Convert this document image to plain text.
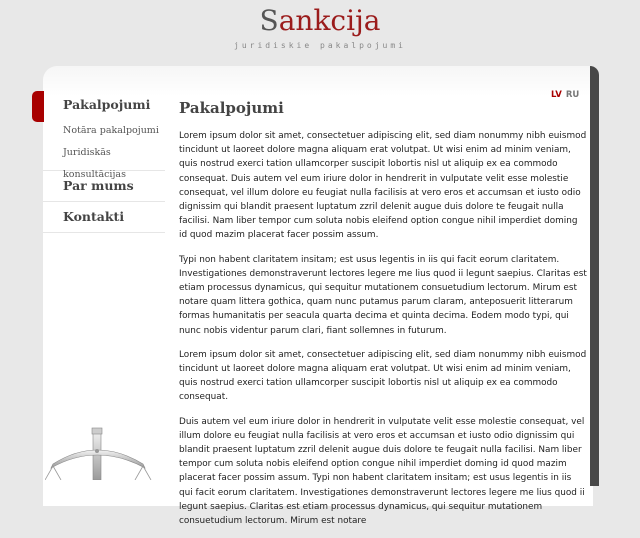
Sankcija
juridiskie pakalpojumi
Pakalpojumi
Notāra pakalpojumi
Juridiskās konsultācijas
Par mums
Kontakti
LV RU
Pakalpojumi

Lorem ipsum dolor sit amet, consectetuer adipiscing elit, sed diam nonummy nibh euismod tincidunt ut laoreet dolore magna aliquam erat volutpat. Ut wisi enim ad minim veniam, quis nostrud exerci tation ullamcorper suscipit lobortis nisl ut aliquip ex ea commodo consequat. Duis autem vel eum iriure dolor in hendrerit in vulputate velit esse molestie consequat, vel illum dolore eu feugiat nulla facilisis at vero eros et accumsan et iusto odio dignissim qui blandit praesent luptatum zzril delenit augue duis dolore te feugait nulla facilisi. Nam liber tempor cum soluta nobis eleifend option congue nihil imperdiet doming id quod mazim placerat facer possim assum.

Typi non habent claritatem insitam; est usus legentis in iis qui facit eorum claritatem. Investigationes demonstraverunt lectores legere me lius quod ii legunt saepius. Claritas est etiam processus dynamicus, qui sequitur mutationem consuetudium lectorum. Mirum est notare quam littera gothica, quam nunc putamus parum claram, anteposuerit litterarum formas humanitatis per seacula quarta decima et quinta decima. Eodem modo typi, qui nunc nobis videntur parum clari, fiant sollemnes in futurum.

Lorem ipsum dolor sit amet, consectetuer adipiscing elit, sed diam nonummy nibh euismod tincidunt ut laoreet dolore magna aliquam erat volutpat. Ut wisi enim ad minim veniam, quis nostrud exerci tation ullamcorper suscipit lobortis nisl ut aliquip ex ea commodo consequat.

Duis autem vel eum iriure dolor in hendrerit in vulputate velit esse molestie consequat, vel illum dolore eu feugiat nulla facilisis at vero eros et accumsan et iusto odio dignissim qui blandit praesent luptatum zzril delenit augue duis dolore te feugait nulla facilisi. Nam liber tempor cum soluta nobis eleifend option congue nihil imperdiet doming id quod mazim placerat facer possim assum. Typi non habent claritatem insitam; est usus legentis in iis qui facit eorum claritatem. Investigationes demonstraverunt lectores legere me lius quod ii legunt saepius. Claritas est etiam processus dynamicus, qui sequitur mutationem consuetudium lectorum. Mirum est notare
